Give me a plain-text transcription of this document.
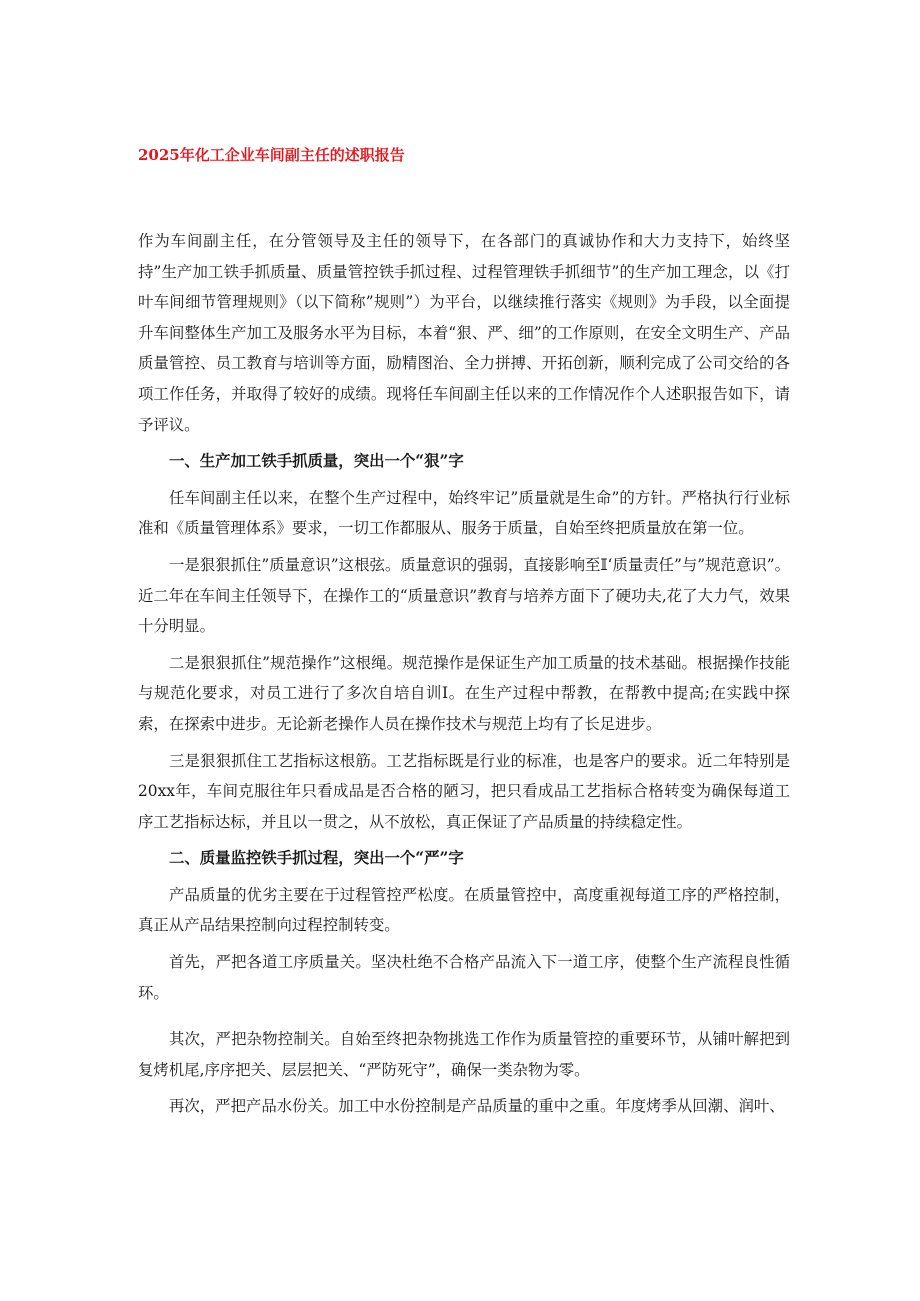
2025年化工企业车间副主任的述职报告

作为车间副主任，在分管领导及主任的领导下，在各部门的真诚协作和大力支持下，始终坚持”生产加工铁手抓质量、质量管控铁手抓过程、过程管理铁手抓细节”的生产加工理念，以《打叶车间细节管理规则》（以下简称”规则”）为平台，以继续推行落实《规则》为手段，以全面提升车间整体生产加工及服务水平为目标，本着“狠、严、细”的工作原则，在安全文明生产、产品质量管控、员工教育与培训等方面，励精图治、全力拼搏、开拓创新，顺利完成了公司交给的各项工作任务，并取得了较好的成绩。现将任车间副主任以来的工作情况作个人述职报告如下，请予评议。

一、生产加工铁手抓质量，突出一个“狠”字

任车间副主任以来，在整个生产过程中，始终牢记”质量就是生命”的方针。严格执行行业标准和《质量管理体系》要求，一切工作都服从、服务于质量，自始至终把质量放在第一位。

一是狠狠抓住”质量意识”这根弦。质量意识的强弱，直接影响至𝕀‘质量责任”与”规范意识”。近二年在车间主任领导下，在操作工的“质量意识”教育与培养方面下了硬功夫,花了大力气，效果十分明显。

二是狠狠抓住”规范操作”这根绳。规范操作是保证生产加工质量的技术基础。根据操作技能与规范化要求，对员工进行了多次自培自训I。在生产过程中帮教，在帮教中提高;在实践中探索，在探索中进步。无论新老操作人员在操作技术与规范上均有了长足进步。

三是狠狠抓住工艺指标这根筋。工艺指标既是行业的标准，也是客户的要求。近二年特别是20xx年，车间克服往年只看成品是否合格的陋习，把只看成品工艺指标合格转变为确保每道工序工艺指标达标，并且以一贯之，从不放松，真正保证了产品质量的持续稳定性。

二、质量监控铁手抓过程，突出一个“严”字

产品质量的优劣主要在于过程管控严松度。在质量管控中，高度重视每道工序的严格控制，真正从产品结果控制向过程控制转变。

首先，严把各道工序质量关。坚决杜绝不合格产品流入下一道工序，使整个生产流程良性循环。

其次，严把杂物控制关。自始至终把杂物挑选工作作为质量管控的重要环节，从铺叶解把到复烤机尾,序序把关、层层把关、“严防死守”，确保一类杂物为零。

再次，严把产品水份关。加工中水份控制是产品质量的重中之重。年度烤季从回潮、润叶、
